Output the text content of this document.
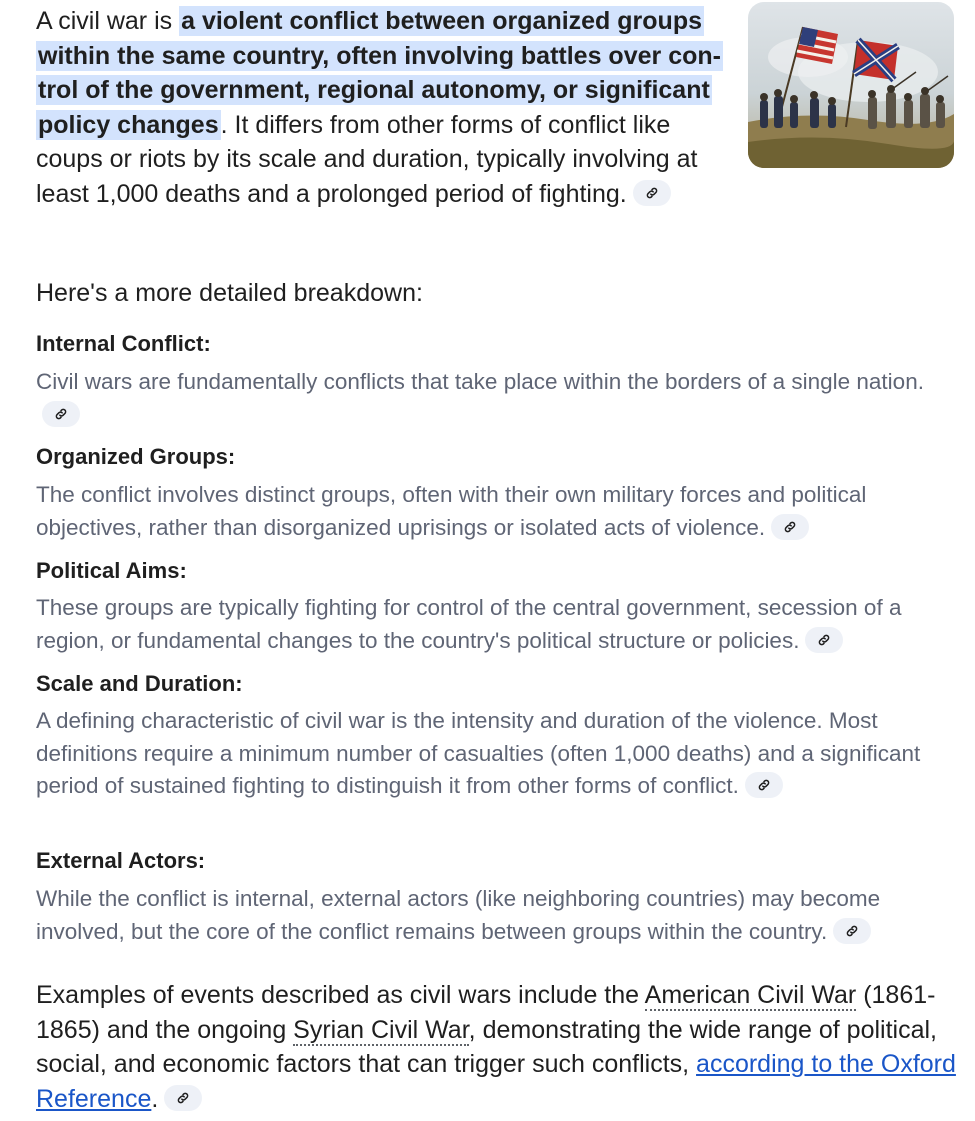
A civil war is a violent conflict between organized groups within the same country, often involving battles over con-trol of the government, regional autonomy, or significant policy changes. It differs from other forms of conflict like coups or riots by its scale and duration, typically involving at least 1,000 deaths and a prolonged period of fighting.

Here's a more detailed breakdown:
Internal Conflict:

Civil wars are fundamentally conflicts that take place within the borders of a single nation.

Organized Groups:

The conflict involves distinct groups, often with their own military forces and political objectives, rather than disorganized uprisings or isolated acts of violence.

Political Aims:

These groups are typically fighting for control of the central government, secession of a region, or fundamental changes to the country's political structure or policies.

Scale and Duration:

A defining characteristic of civil war is the intensity and duration of the violence. Most definitions require a minimum number of casualties (often 1,000 deaths) and a significant period of sustained fighting to distinguish it from other forms of conflict.

External Actors:

While the conflict is internal, external actors (like neighboring countries) may become involved, but the core of the conflict remains between groups within the country.

Examples of events described as civil wars include the American Civil War (1861-1865) and the ongoing Syrian Civil War, demonstrating the wide range of political, social, and economic factors that can trigger such conflicts, according to the Oxford Reference.
